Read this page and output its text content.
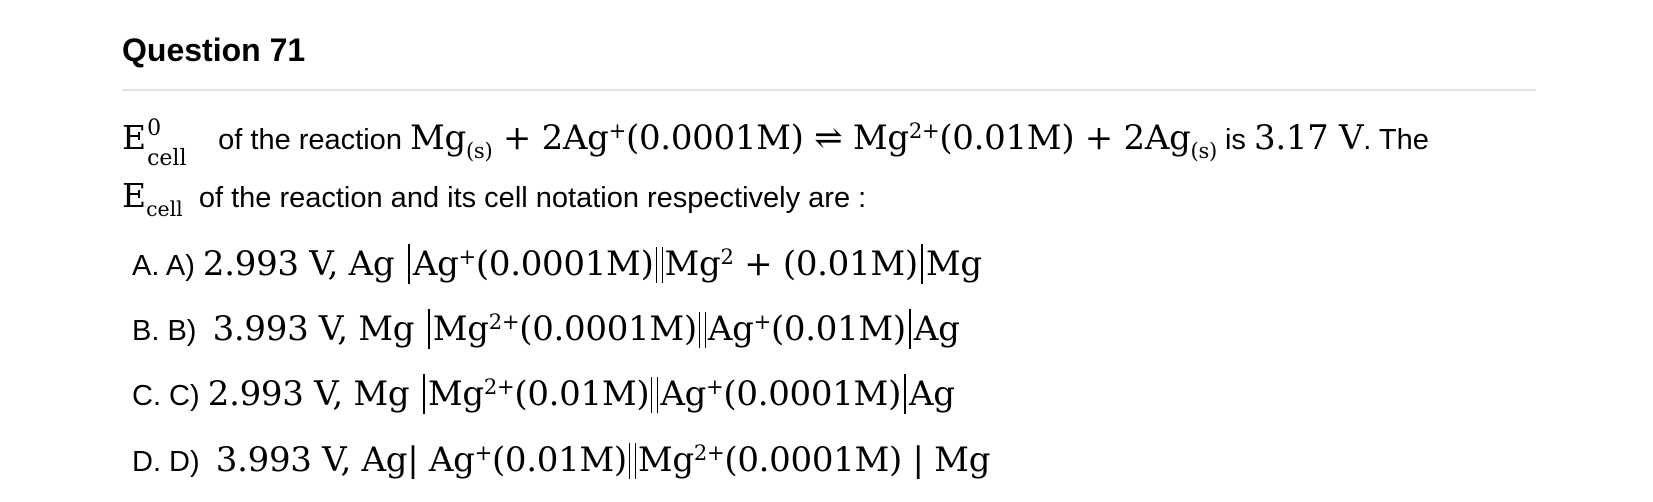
Question 71
E 0
cell
of the reaction $Mg_{(s)} + 2Ag^+(0.0001M)$ ⇌ $Mg^{2+}(0.01M) + 2Ag_{(s)}$ is 3.17 V. The
$E_{cell}$ of the reaction and its cell notation respectively are :
A. A) 2.993 V, Ag Ag+(0.0001M) $Mg^2 + (0.01M)$ Mg
B. B) 3.993 V, Mg $Mg^{2+}(0.0001M)$ Ag+(0.01M) Ag
C. C) 2.993 V, Mg $Mg^{2+}(0.01M)$ Ag+(0.0001M) Ag
D. D) 3.993 V, Ag| Ag+(0.01M) $Mg^{2+}(0.0001M)$ | Mg
